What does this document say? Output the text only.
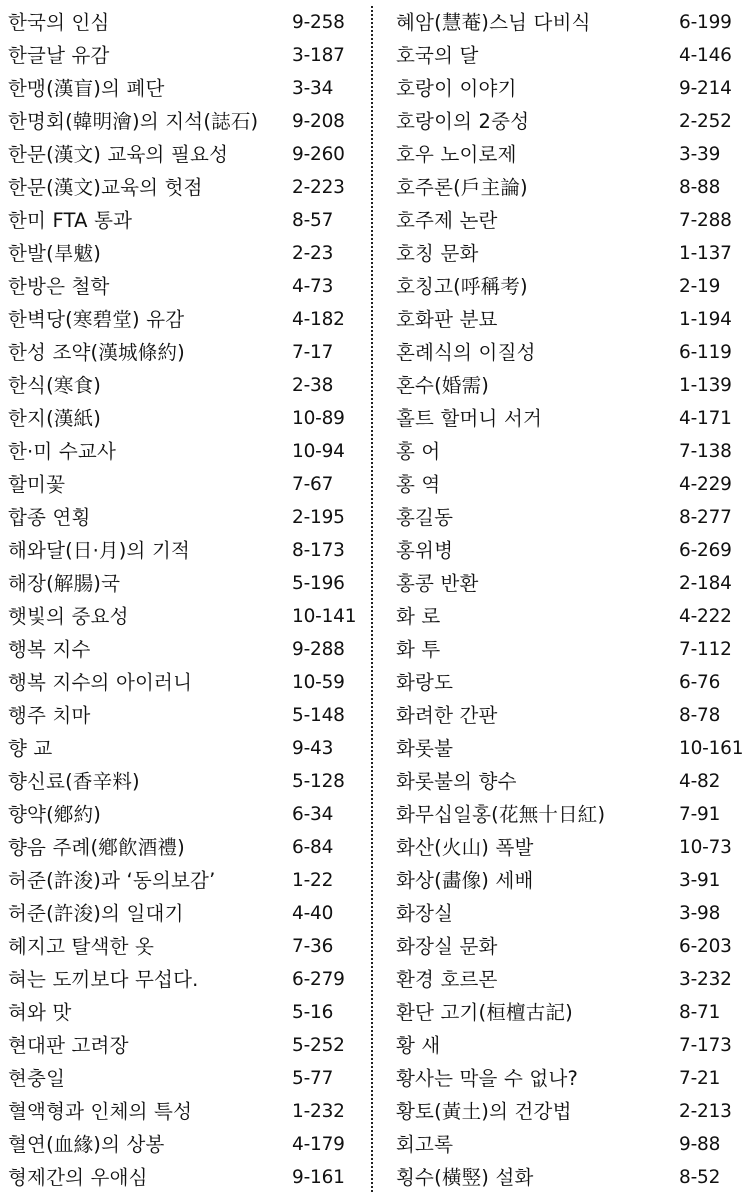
한국의 인심	9-258
한글날 유감	3-187
한맹(漢盲)의 폐단	3-34
한명회(韓明澮)의 지석(誌石) 9-208
한문(漢文) 교육의 필요성	9-260
한문(漢文)교육의 헛점	2-223
한미 FTA 통과	8-57
한발(旱魃)	2-23
한방은 철학	4-73
한벽당(寒碧堂) 유감	4-182
한성 조약(漢城條約)	7-17
한식(寒食)	2-38
한지(漢紙)	10-89
한·미 수교사	10-94
할미꽃	7-67
합종 연횡	2-195
해와달(日·月)의 기적	8-173
해장(解腸)국	5-196
햇빛의 중요성	10-141
행복 지수	9-288
행복 지수의 아이러니	10-59
행주 치마	5-148
향 교	9-43
향신료(香辛料)	5-128
향약(鄕約)	6-34
향음 주례(鄕飮酒禮)	6-84
허준(許浚)과 ‘동의보감’	1-22
허준(許浚)의 일대기	4-40
헤지고 탈색한 옷	7-36
혀는 도끼보다 무섭다.	6-279
혀와 맛	5-16
현대판 고려장	5-252
현충일	5-77
혈액형과 인체의 특성	1-232
혈연(血緣)의 상봉	4-179
형제간의 우애심	9-161
혜암(慧菴)스님 다비식	6-199
호국의 달	4-146
호랑이 이야기	9-214
호랑이의 2중성	2-252
호우 노이로제	3-39
호주론(戶主論)	8-88
호주제 논란	7-288
호칭 문화	1-137
호칭고(呼稱考)	2-19
호화판 분묘	1-194
혼례식의 이질성	6-119
혼수(婚需)	1-139
홀트 할머니 서거	4-171
홍 어	7-138
홍 역	4-229
홍길동	8-277
홍위병	6-269
홍콩 반환	2-184
화 로	4-222
화 투	7-112
화랑도	6-76
화려한 간판	8-78
화롯불	10-161
화롯불의 향수	4-82
화무십일홍(花無十日紅)	7-91
화산(火山) 폭발	10-73
화상(畵像) 세배	3-91
화장실	3-98
화장실 문화	6-203
환경 호르몬	3-232
환단 고기(桓檀古記)	8-71
황 새	7-173
황사는 막을 수 없나?	7-21
황토(黃土)의 건강법	2-213
회고록	9-88
횡수(橫竪) 설화	8-52
